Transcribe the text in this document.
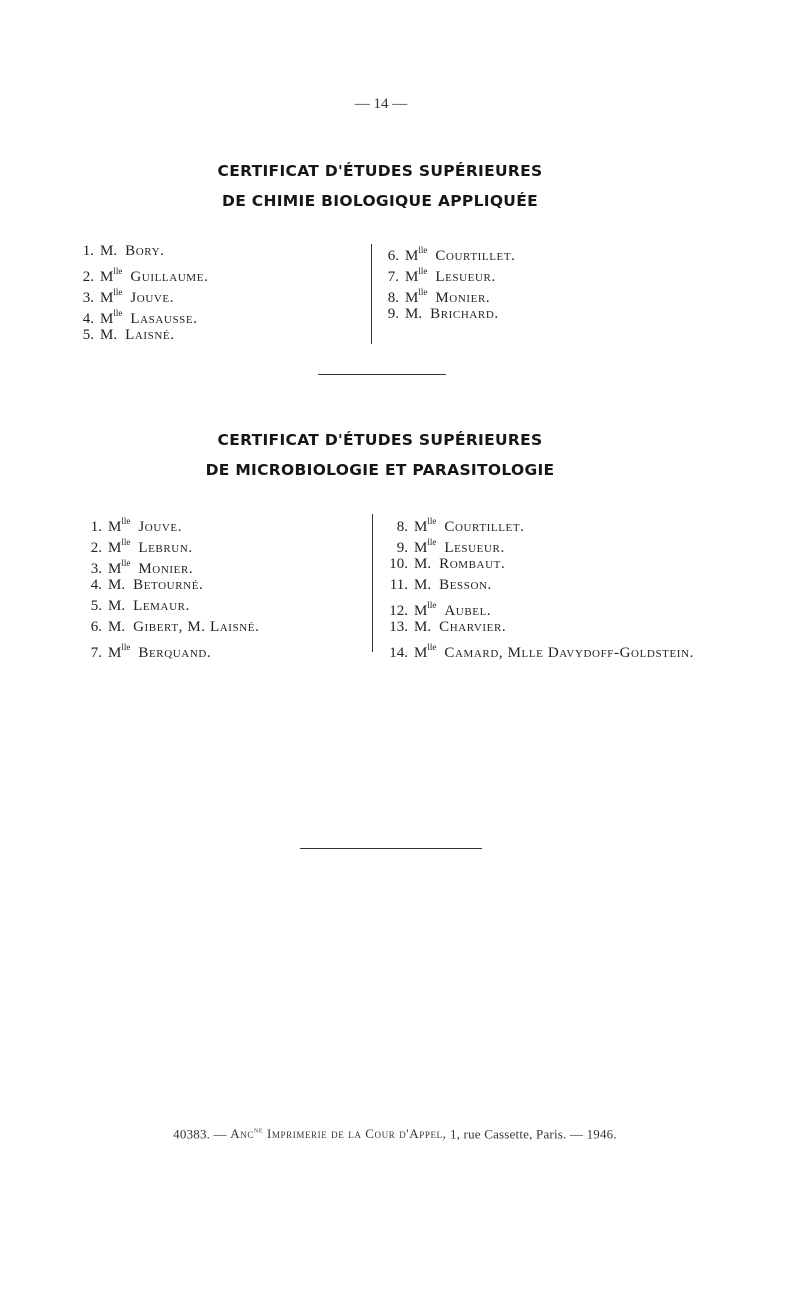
— 14 —
CERTIFICAT D'ÉTUDES SUPÉRIEURES
DE CHIMIE BIOLOGIQUE APPLIQUÉE
1. M. Bory.
2. $M^{lle}$ Guillaume.
3. $M^{lle}$ Jouve.
4. $M^{lle}$ Lasausse.
5. M. Laisné.
6. $M^{lle}$ Courtillet.
7. $M^{lle}$ Lesueur.
8. $M^{lle}$ Monier.
9. M. Brichard.
CERTIFICAT D'ÉTUDES SUPÉRIEURES
DE MICROBIOLOGIE ET PARASITOLOGIE
1. $M^{lle}$ Jouve.
2. $M^{lle}$ Lebrun.
3. $M^{lle}$ Monier.
4. M. Betourné.
5. M. Lemaur.
6. M. Gibert, M. Laisné.
7. $M^{lle}$ Berquand.
8. $M^{lle}$ Courtillet.
9. $M^{lle}$ Lesueur.
10. M. Rombaut.
11. M. Besson.
12. $M^{lle}$ Aubel.
13. M. Charvier.
14. $M^{lle}$ Camard, Mlle Davydoff-Goldstein.
40383. — Anc$^{ne}$ Imprimerie de la Cour d'Appel, 1, rue Cassette, Paris. — 1946.
